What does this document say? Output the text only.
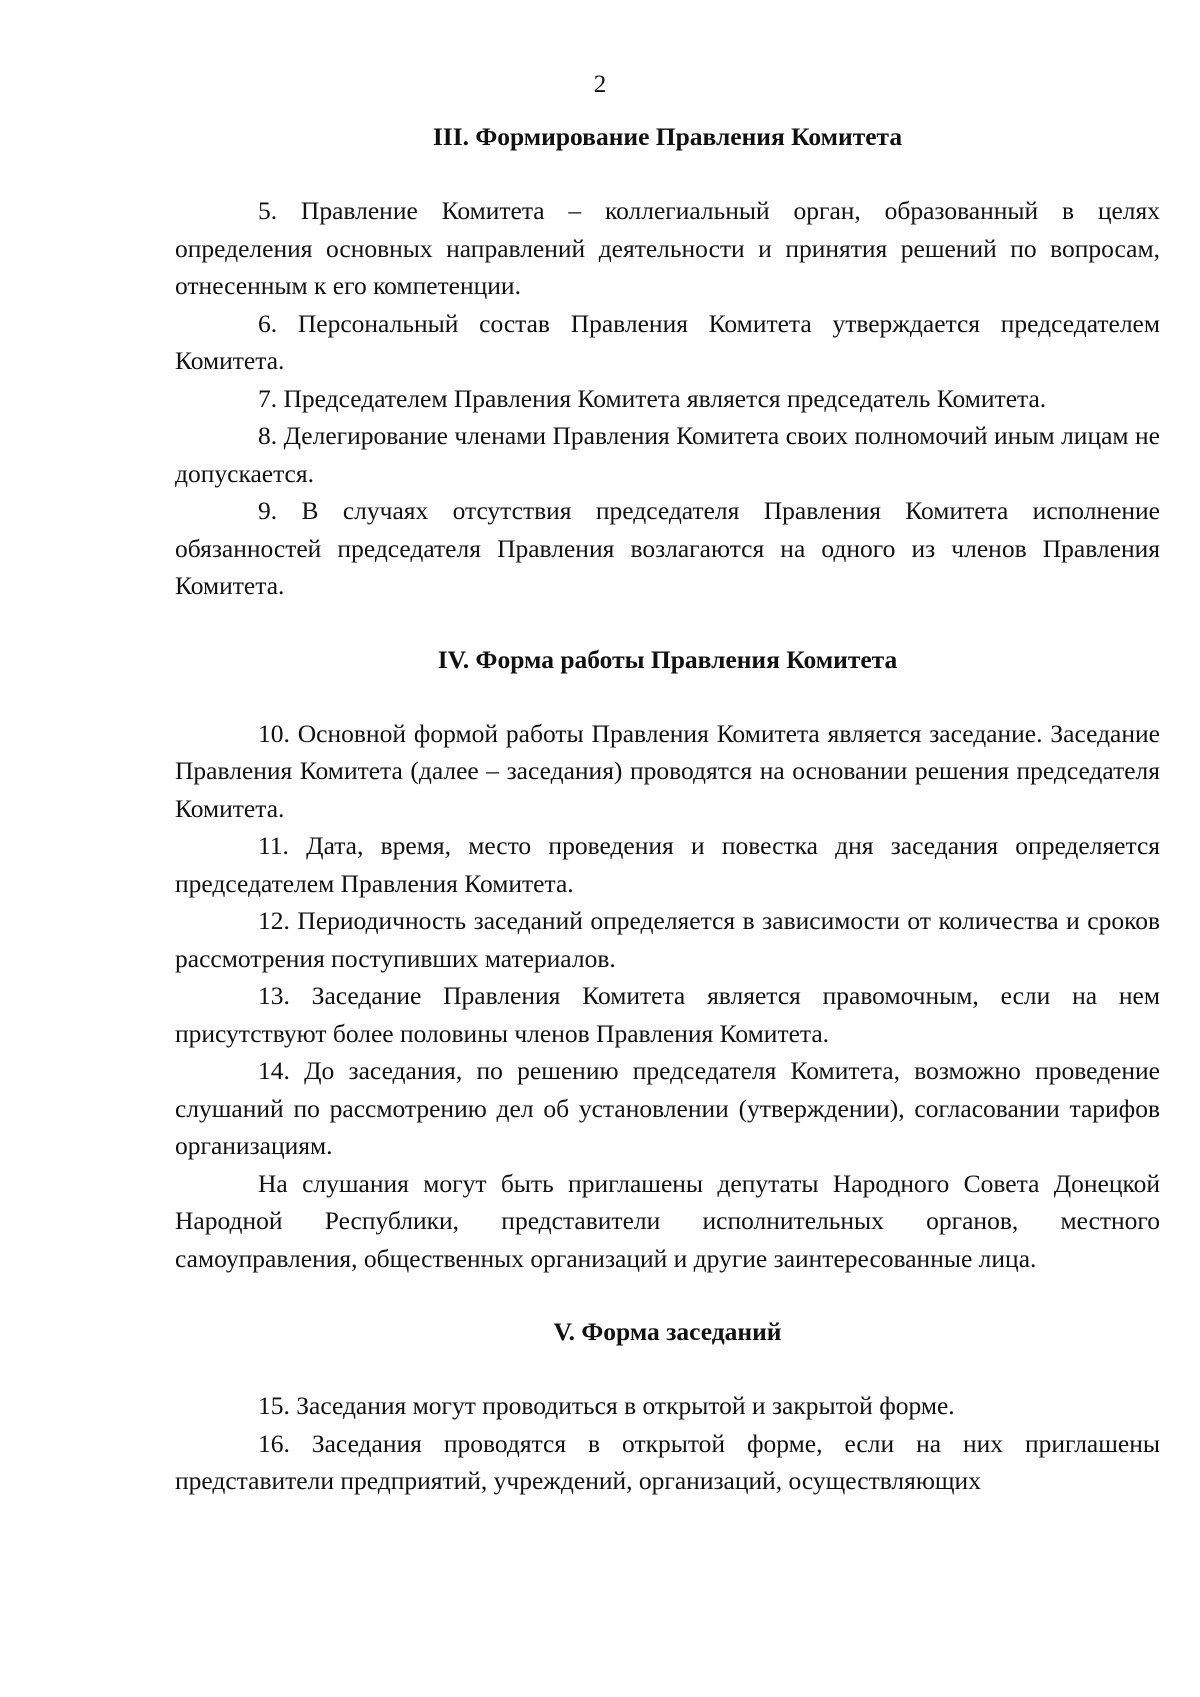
2
III. Формирование Правления Комитета

5. Правление Комитета – коллегиальный орган, образованный в целях определения основных направлений деятельности и принятия решений по вопросам, отнесенным к его компетенции.

6. Персональный состав Правления Комитета утверждается председателем Комитета.

7. Председателем Правления Комитета является председатель Комитета.

8. Делегирование членами Правления Комитета своих полномочий иным лицам не допускается.

9. В случаях отсутствия председателя Правления Комитета исполнение обязанностей председателя Правления возлагаются на одного из членов Правления Комитета.

IV. Форма работы Правления Комитета

10. Основной формой работы Правления Комитета является заседание. Заседание Правления Комитета (далее – заседания) проводятся на основании решения председателя Комитета.

11. Дата, время, место проведения и повестка дня заседания определяется председателем Правления Комитета.

12. Периодичность заседаний определяется в зависимости от количества и сроков рассмотрения поступивших материалов.

13. Заседание Правления Комитета является правомочным, если на нем присутствуют более половины членов Правления Комитета.

14. До заседания, по решению председателя Комитета, возможно проведение слушаний по рассмотрению дел об установлении (утверждении), согласовании тарифов организациям.

На слушания могут быть приглашены депутаты Народного Совета Донецкой Народной Республики, представители исполнительных органов, местного самоуправления, общественных организаций и другие заинтересованные лица.

V. Форма заседаний

15. Заседания могут проводиться в открытой и закрытой форме.

16. Заседания проводятся в открытой форме, если на них приглашены представители предприятий, учреждений, организаций, осуществляющих
